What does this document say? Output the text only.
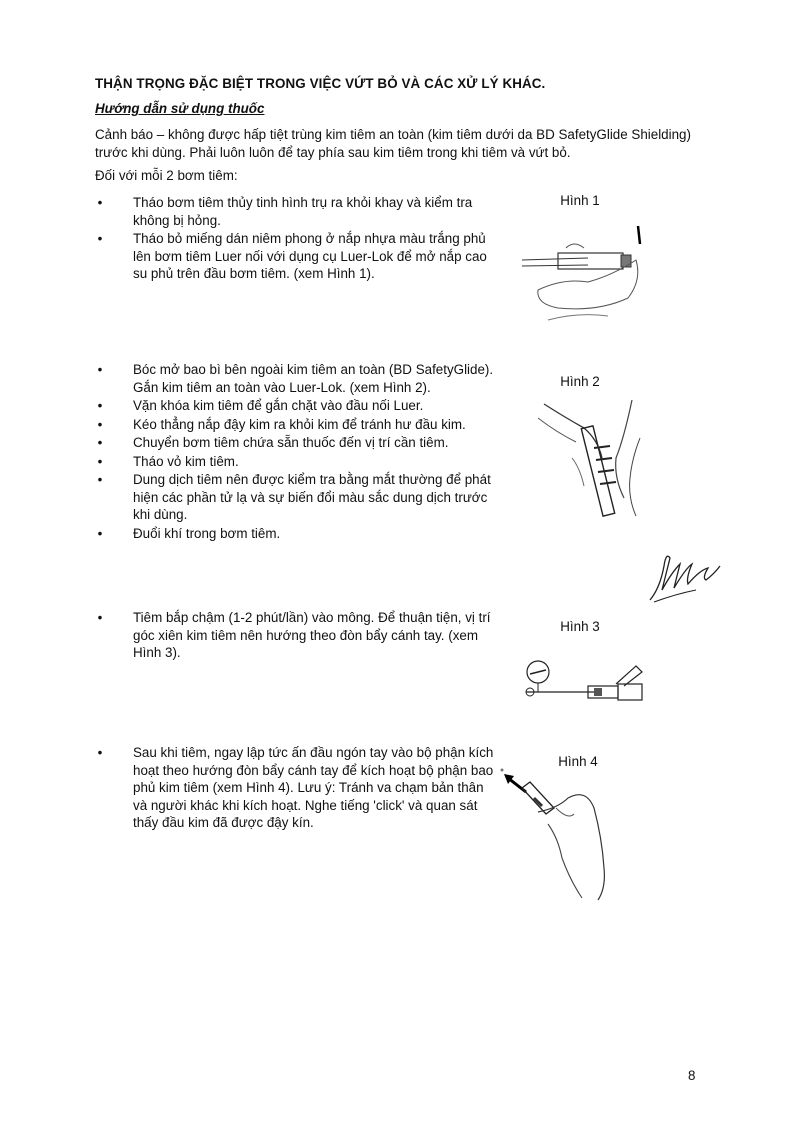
THẬN TRỌNG ĐẶC BIỆT TRONG VIỆC VỨT BỎ VÀ CÁC XỬ LÝ KHÁC.
Hướng dẫn sử dụng thuốc
Cảnh báo – không được hấp tiệt trùng kim tiêm an toàn (kim tiêm dưới da BD SafetyGlide Shielding) trước khi dùng. Phải luôn luôn để tay phía sau kim tiêm trong khi tiêm và vứt bỏ.
Đối với mỗi 2 bơm tiêm:
• Tháo bơm tiêm thủy tinh hình trụ ra khỏi khay và kiểm tra không bị hỏng.
• Tháo bỏ miếng dán niêm phong ở nắp nhựa màu trắng phủ lên bơm tiêm Luer nối với dụng cụ Luer-Lok để mở nắp cao su phủ trên đầu bơm tiêm. (xem Hình 1).
Hình 1
• Bóc mở bao bì bên ngoài kim tiêm an toàn (BD SafetyGlide). Gắn kim tiêm an toàn vào Luer-Lok. (xem Hình 2).
• Vặn khóa kim tiêm để gắn chặt vào đầu nối Luer.
• Kéo thẳng nắp đậy kim ra khỏi kim để tránh hư đầu kim.
• Chuyển bơm tiêm chứa sẵn thuốc đến vị trí cần tiêm.
• Tháo vỏ kim tiêm.
• Dung dịch tiêm nên được kiểm tra bằng mắt thường để phát hiện các phần tử lạ và sự biến đổi màu sắc dung dịch trước khi dùng.
• Đuổi khí trong bơm tiêm.
Hình 2
• Tiêm bắp chậm (1-2 phút/lần) vào mông. Để thuận tiện, vị trí góc xiên kim tiêm nên hướng theo đòn bẩy cánh tay. (xem Hình 3).
Hình 3
• Sau khi tiêm, ngay lập tức ấn đầu ngón tay vào bộ phận kích hoạt theo hướng đòn bẩy cánh tay để kích hoạt bộ phận bao phủ kim tiêm (xem Hình 4). Lưu ý: Tránh va chạm bản thân và người khác khi kích hoạt. Nghe tiếng 'click' và quan sát thấy đầu kim đã được đậy kín.
Hình 4
8
